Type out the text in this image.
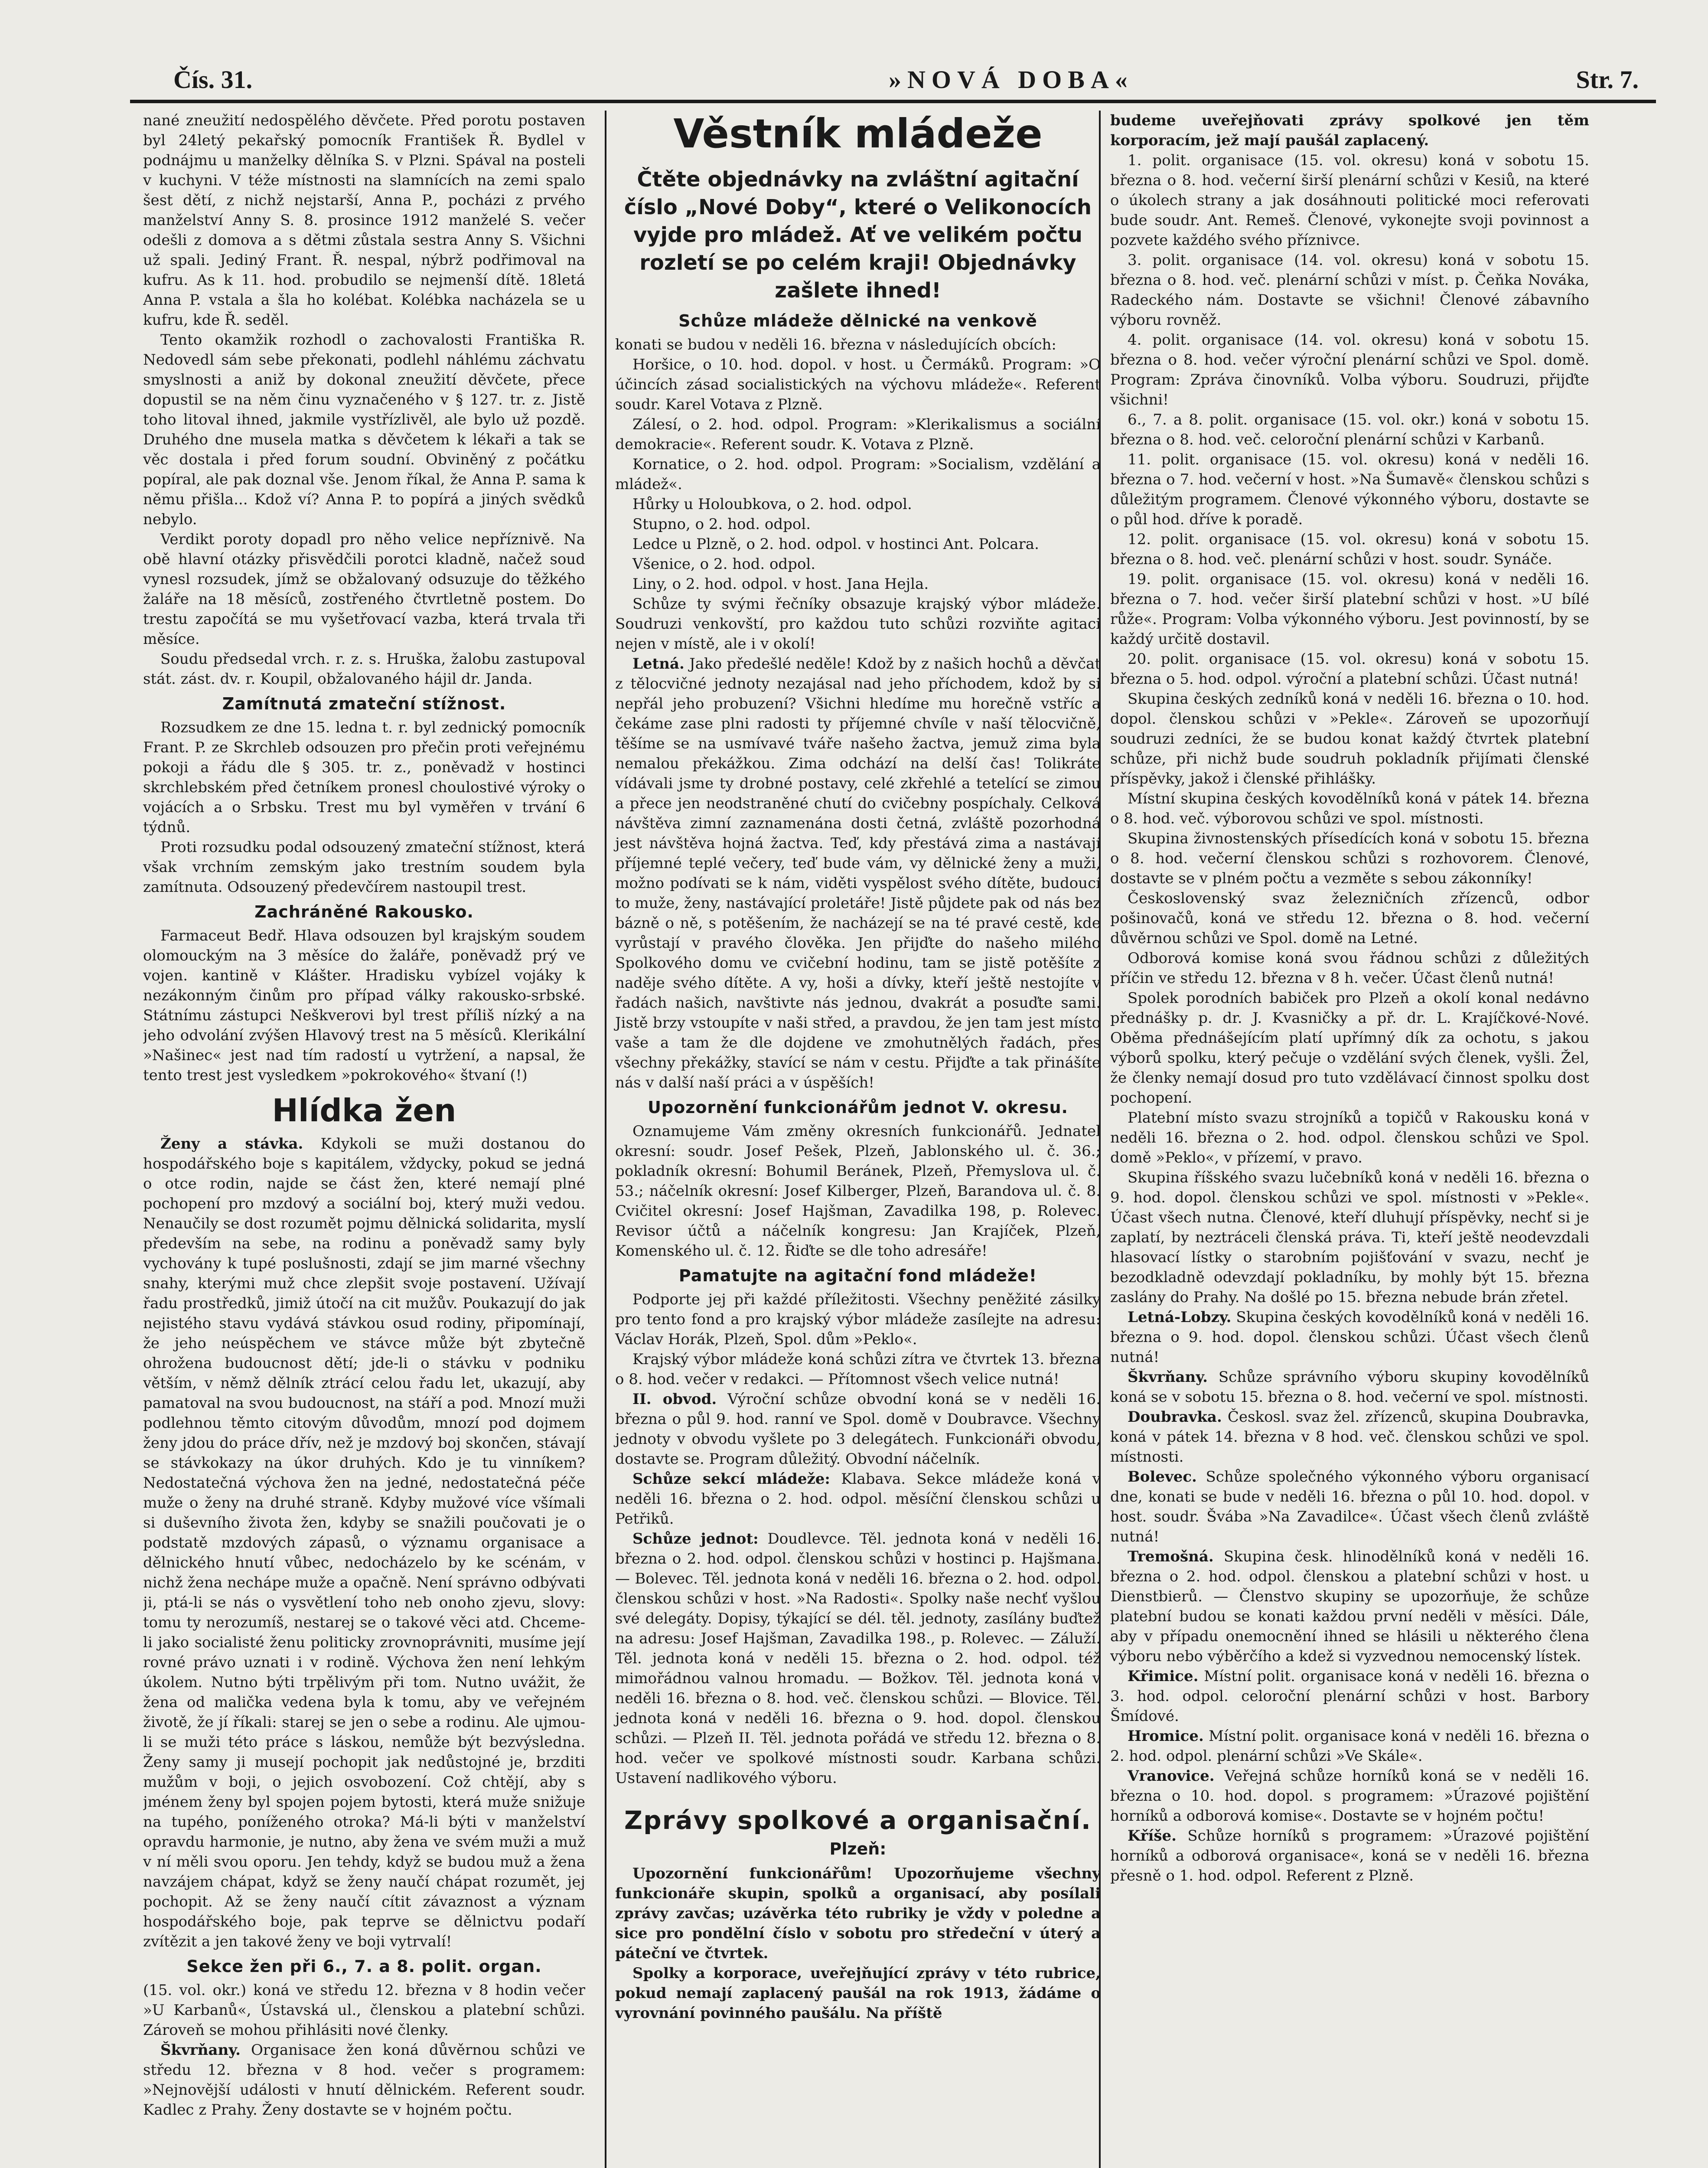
Čís. 31.	»NOVÁ DOBA«	Str. 7.

nané zneužití nedospělého děvčete. Před porotu postaven byl 24letý pekařský pomocník František Ř. Bydlel v podnájmu u manželky dělníka S. v Plzni. Spával na posteli v kuchyni. V téže místnosti na slamnících na zemi spalo šest dětí, z nichž nejstarší, Anna P., pocházi z prvého manželství Anny S. 8. prosince 1912 manželé S. večer odešli z domova a s dětmi zůstala sestra Anny S. Všichni už spali. Jediný Frant. Ř. nespal, nýbrž podřimoval na kufru. As k 11. hod. probudilo se nejmenší dítě. 18letá Anna P. vstala a šla ho kolébat. Kolébka nacházela se u kufru, kde Ř. seděl.

Tento okamžik rozhodl o zachovalosti Františka R. Nedovedl sám sebe překonati, podlehl náhlému záchvatu smyslnosti a aniž by dokonal zneužití děvčete, přece dopustil se na něm činu vyznačeného v § 127. tr. z. Jistě toho litoval ihned, jakmile vystřízlivěl, ale bylo už pozdě. Druhého dne musela matka s děvčetem k lékaři a tak se věc dostala i před forum soudní. Obviněný z počátku popíral, ale pak doznal vše. Jenom říkal, že Anna P. sama k němu přišla... Kdož ví? Anna P. to popírá a jiných svědků nebylo.

Verdikt poroty dopadl pro něho velice nepříznivě. Na obě hlavní otázky přisvědčili porotci kladně, načež soud vynesl rozsudek, jímž se obžalovaný odsuzuje do těžkého žaláře na 18 měsíců, zostřeného čtvrtletně postem. Do trestu započítá se mu vyšetřovací vazba, která trvala tři měsíce.

Soudu předsedal vrch. r. z. s. Hruška, žalobu zastupoval stát. zást. dv. r. Koupil, obžalovaného hájil dr. Janda.

Zamítnutá zmateční stížnost.

Rozsudkem ze dne 15. ledna t. r. byl zednický pomocník Frant. P. ze Skrchleb odsouzen pro přečin proti veřejnému pokoji a řádu dle § 305. tr. z., poněvadž v hostinci skrchlebském před četníkem pronesl choulostivé výroky o vojácích a o Srbsku. Trest mu byl vyměřen v trvání 6 týdnů.

Proti rozsudku podal odsouzený zmateční stížnost, která však vrchním zemským jako trestním soudem byla zamítnuta. Odsouzený předevčírem nastoupil trest.

Zachráněné Rakousko.

Farmaceut Bedř. Hlava odsouzen byl krajským soudem olomouckým na 3 měsíce do žaláře, poněvadž prý ve vojen. kantině v Klášter. Hradisku vybízel vojáky k nezákonným činům pro případ války rakousko-srbské. Státnímu zástupci Neškverovi byl trest příliš nízký a na jeho odvolání zvýšen Hlavový trest na 5 měsíců. Klerikální »Našinec« jest nad tím radostí u vytržení, a napsal, že tento trest jest vysledkem »pokrokového« štvaní (!)

Hlídka žen

Ženy a stávka. Kdykoli se muži dostanou do hospodářského boje s kapitálem, vždycky, pokud se jedná o otce rodin, najde se část žen, které nemají plné pochopení pro mzdový a sociální boj, který muži vedou. Nenaučily se dost rozumět pojmu dělnická solidarita, myslí především na sebe, na rodinu a poněvadž samy byly vychovány k tupé poslušnosti, zdají se jim marné všechny snahy, kterými muž chce zlepšit svoje postavení. Užívají řadu prostředků, jimiž útočí na cit mužův. Poukazují do jak nejistého stavu vydává stávkou osud rodiny, připomínají, že jeho neúspěchem ve stávce může být zbytečně ohrožena budoucnost dětí; jde-li o stávku v podniku větším, v němž dělník ztrácí celou řadu let, ukazují, aby pamatoval na svou budoucnost, na stáří a pod. Mnozí muži podlehnou těmto citovým důvodům, mnozí pod dojmem ženy jdou do práce dřív, než je mzdový boj skončen, stávají se stávkokazy na úkor druhých. Kdo je tu vinníkem? Nedostatečná výchova žen na jedné, nedostatečná péče muže o ženy na druhé straně. Kdyby mužové více všímali si duševního života žen, kdyby se snažili poučovati je o podstatě mzdových zápasů, o významu organisace a dělnického hnutí vůbec, nedocházelo by ke scénám, v nichž žena nechápe muže a opačně. Není správno odbývati ji, ptá-li se nás o vysvětlení toho neb onoho zjevu, slovy: tomu ty nerozumíš, nestarej se o takové věci atd. Chceme-li jako socialisté ženu politicky zrovnoprávniti, musíme její rovné právo uznati i v rodině. Výchova žen není lehkým úkolem. Nutno býti trpělivým při tom. Nutno uvážit, že žena od malička vedena byla k tomu, aby ve veřejném životě, že jí říkali: starej se jen o sebe a rodinu. Ale ujmou-li se muži této práce s láskou, nemůže být bezvýsledna. Ženy samy ji musejí pochopit jak nedůstojné je, brzditi mužům v boji, o jejich osvobození. Což chtějí, aby s jménem ženy byl spojen pojem bytosti, která muže snižuje na tupého, poníženého otroka? Má-li býti v manželství opravdu harmonie, je nutno, aby žena ve svém muži a muž v ní měli svou oporu. Jen tehdy, když se budou muž a žena navzájem chápat, když se ženy naučí chápat rozumět, jej pochopit. Až se ženy naučí cítit závaznost a význam hospodářského boje, pak teprve se dělnictvu podaří zvítězit a jen takové ženy ve boji vytrvalí!

Sekce žen při 6., 7. a 8. polit. organ.

(15. vol. okr.) koná ve středu 12. března v 8 hodin večer »U Karbanů«, Ústavská ul., členskou a platební schůzi. Zároveň se mohou přihlásiti nové členky.

Škvrňany. Organisace žen koná důvěrnou schůzi ve středu 12. března v 8 hod. večer s programem: »Nejnovější události v hnutí dělnickém. Referent soudr. Kadlec z Prahy. Ženy dostavte se v hojném počtu.

Věstník mládeže

Čtěte objednávky na zvláštní agitační číslo „Nové Doby“, které o Velikonocích vyjde pro mládež. Ať ve velikém počtu rozletí se po celém kraji! Objednávky zašlete ihned!

Schůze mládeže dělnické na venkově

konati se budou v neděli 16. března v následujících obcích:

Horšice, o 10. hod. dopol. v host. u Čermáků. Program: »O účincích zásad socialistických na výchovu mládeže«. Referent soudr. Karel Votava z Plzně.

Zálesí, o 2. hod. odpol. Program: »Klerikalismus a sociální demokracie«. Referent soudr. K. Votava z Plzně.

Kornatice, o 2. hod. odpol. Program: »Socialism, vzdělání a mládež«.

Hůrky u Holoubkova, o 2. hod. odpol.

Stupno, o 2. hod. odpol.

Ledce u Plzně, o 2. hod. odpol. v hostinci Ant. Polcara.

Všenice, o 2. hod. odpol.

Liny, o 2. hod. odpol. v host. Jana Hejla.

Schůze ty svými řečníky obsazuje krajský výbor mládeže. Soudruzi venkovští, pro každou tuto schůzi rozviňte agitaci nejen v místě, ale i v okolí!

Letná. Jako předešlé neděle! Kdož by z našich hochů a děvčat z tělocvičné jednoty nezajásal nad jeho příchodem, kdož by si nepřál jeho probuzení? Všichni hledíme mu horečně vstříc a čekáme zase plni radosti ty příjemné chvíle v naší tělocvičně, těšíme se na usmívavé tváře našeho žactva, jemuž zima byla nemalou překážkou. Zima odchází na delší čas! Tolikráte vídávali jsme ty drobné postavy, celé zkřehlé a tetelící se zimou a přece jen neodstraněné chutí do cvičebny pospíchaly. Celková návštěva zimní zaznamenána dosti četná, zvláště pozorhodná jest návštěva hojná žactva. Teď, kdy přestává zima a nastávají příjemné teplé večery, teď bude vám, vy dělnické ženy a muži, možno podívati se k nám, viděti vyspělost svého dítěte, budoucí to muže, ženy, nastávající proletáře! Jistě půjdete pak od nás bez bázně o ně, s potěšením, že nacházejí se na té pravé cestě, kde vyrůstají v pravého člověka. Jen přijďte do našeho milého Spolkového domu ve cvičební hodinu, tam se jistě potěšíte z naděje svého dítěte. A vy, hoši a dívky, kteří ještě nestojíte v řadách našich, navštivte nás jednou, dvakrát a posuďte sami. Jistě brzy vstoupíte v naši střed, a pravdou, že jen tam jest místo vaše a tam že dle dojdene ve zmohutnělých řadách, přes všechny překážky, stavící se nám v cestu. Přijďte a tak přinášíte nás v další naší práci a v úspěších!

Upozornění funkcionářům jednot V. okresu.

Oznamujeme Vám změny okresních funkcionářů. Jednatel okresní: soudr. Josef Pešek, Plzeň, Jablonského ul. č. 36.; pokladník okresní: Bohumil Beránek, Plzeň, Přemyslova ul. č. 53.; náčelník okresní: Josef Kilberger, Plzeň, Barandova ul. č. 8. Cvičitel okresní: Josef Hajšman, Zavadilka 198, p. Rolevec. Revisor účtů a náčelník kongresu: Jan Krajíček, Plzeň, Komenského ul. č. 12. Řiďte se dle toho adresáře!

Pamatujte na agitační fond mládeže!

Podporte jej při každé příležitosti. Všechny peněžité zásilky pro tento fond a pro krajský výbor mládeže zasílejte na adresu: Václav Horák, Plzeň, Spol. dům »Peklo«.

Krajský výbor mládeže koná schůzi zítra ve čtvrtek 13. března o 8. hod. večer v redakci. — Přítomnost všech velice nutná!

II. obvod. Výroční schůze obvodní koná se v neděli 16. března o půl 9. hod. ranní ve Spol. domě v Doubravce. Všechny jednoty v obvodu vyšlete po 3 delegátech. Funkcionáři obvodu, dostavte se. Program důležitý. Obvodní náčelník.

Schůze sekcí mládeže: Klabava. Sekce mládeže koná v neděli 16. března o 2. hod. odpol. měsíční členskou schůzi u Petřiků.

Schůze jednot: Doudlevce. Těl. jednota koná v neděli 16. března o 2. hod. odpol. členskou schůzi v hostinci p. Hajšmana. — Bolevec. Těl. jednota koná v neděli 16. března o 2. hod. odpol. členskou schůzi v host. »Na Radosti«. Spolky naše nechť vyšlou své delegáty. Dopisy, týkající se dél. těl. jednoty, zasílány buďtež na adresu: Josef Hajšman, Zavadilka 198., p. Rolevec. — Záluží. Těl. jednota koná v neděli 15. března o 2. hod. odpol. též mimořádnou valnou hromadu. — Božkov. Těl. jednota koná v neděli 16. března o 8. hod. več. členskou schůzi. — Blovice. Těl. jednota koná v neděli 16. března o 9. hod. dopol. členskou schůzi. — Plzeň II. Těl. jednota pořádá ve středu 12. března o 8. hod. večer ve spolkové místnosti soudr. Karbana schůzi. Ustavení nadlikového výboru.

Zprávy spolkové a organisační.
Plzeň:

Upozornění funkcionářům! Upozorňujeme všechny funkcionáře skupin, spolků a organisací, aby posílali zprávy zavčas; uzávěrka této rubriky je vždy v poledne a sice pro pondělní číslo v sobotu pro středeční v úterý a páteční ve čtvrtek.

Spolky a korporace, uveřejňující zprávy v této rubrice, pokud nemají zaplacený paušál na rok 1913, žádáme o vyrovnání povinného paušálu. Na příště

budeme uveřejňovati zprávy spolkové jen těm korporacím, jež mají paušál zaplacený.

1. polit. organisace (15. vol. okresu) koná v sobotu 15. března o 8. hod. večerní širší plenární schůzi v Kesiů, na které o úkolech strany a jak dosáhnouti politické moci referovati bude soudr. Ant. Remeš. Členové, vykonejte svoji povinnost a pozvete každého svého příznivce.

3. polit. organisace (14. vol. okresu) koná v sobotu 15. března o 8. hod. več. plenární schůzi v míst. p. Čeňka Nováka, Radeckého nám. Dostavte se všichni! Členové zábavního výboru rovněž.

4. polit. organisace (14. vol. okresu) koná v sobotu 15. března o 8. hod. večer výroční plenární schůzi ve Spol. domě. Program: Zpráva činovníků. Volba výboru. Soudruzi, přijďte všichni!

6., 7. a 8. polit. organisace (15. vol. okr.) koná v sobotu 15. března o 8. hod. več. celoroční plenární schůzi v Karbanů.

11. polit. organisace (15. vol. okresu) koná v neděli 16. března o 7. hod. večerní v host. »Na Šumavě« členskou schůzi s důležitým programem. Členové výkonného výboru, dostavte se o půl hod. dříve k poradě.

12. polit. organisace (15. vol. okresu) koná v sobotu 15. března o 8. hod. več. plenární schůzi v host. soudr. Synáče.

19. polit. organisace (15. vol. okresu) koná v neděli 16. března o 7. hod. večer širší platební schůzi v host. »U bílé růže«. Program: Volba výkonného výboru. Jest povinností, by se každý určitě dostavil.

20. polit. organisace (15. vol. okresu) koná v sobotu 15. března o 5. hod. odpol. výroční a platební schůzi. Účast nutná!

Skupina českých zedníků koná v neděli 16. března o 10. hod. dopol. členskou schůzi v »Pekle«. Zároveň se upozorňují soudruzi zedníci, že se budou konat každý čtvrtek platební schůze, při nichž bude soudruh pokladník přijímati členské příspěvky, jakož i členské přihlášky.

Místní skupina českých kovodělníků koná v pátek 14. března o 8. hod. več. výborovou schůzi ve spol. místnosti.

Skupina živnostenských přísedících koná v sobotu 15. března o 8. hod. večerní členskou schůzi s rozhovorem. Členové, dostavte se v plném počtu a vezměte s sebou zákonníky!

Československý svaz železničních zřízenců, odbor pošinovačů, koná ve středu 12. března o 8. hod. večerní důvěrnou schůzi ve Spol. domě na Letné.

Odborová komise koná svou řádnou schůzi z důležitých příčin ve středu 12. března v 8 h. večer. Účast členů nutná!

Spolek porodních babiček pro Plzeň a okolí konal nedávno přednášky p. dr. J. Kvasničky a př. dr. L. Krajíčkové-Nové. Oběma přednášejícím platí upřímný dík za ochotu, s jakou výborů spolku, který pečuje o vzdělání svých členek, vyšli. Žel, že členky nemají dosud pro tuto vzdělávací činnost spolku dost pochopení.

Platební místo svazu strojníků a topičů v Rakousku koná v neděli 16. března o 2. hod. odpol. členskou schůzi ve Spol. domě »Peklo«, v přízemí, v pravo.

Skupina říšského svazu lučebníků koná v neděli 16. března o 9. hod. dopol. členskou schůzi ve spol. místnosti v »Pekle«. Účast všech nutna. Členové, kteří dluhují příspěvky, nechť si je zaplatí, by neztráceli členská práva. Ti, kteří ještě neodevzdali hlasovací lístky o starobním pojišťování v svazu, nechť je bezodkladně odevzdají pokladníku, by mohly být 15. března zaslány do Prahy. Na došlé po 15. března nebude brán zřetel.

Letná-Lobzy. Skupina českých kovodělníků koná v neděli 16. března o 9. hod. dopol. členskou schůzi. Účast všech členů nutná!

Škvrňany. Schůze správního výboru skupiny kovodělníků koná se v sobotu 15. března o 8. hod. večerní ve spol. místnosti.

Doubravka. Českosl. svaz žel. zřízenců, skupina Doubravka, koná v pátek 14. března v 8 hod. več. členskou schůzi ve spol. místnosti.

Bolevec. Schůze společného výkonného výboru organisací dne, konati se bude v neděli 16. března o půl 10. hod. dopol. v host. soudr. Švába »Na Zavadilce«. Účast všech členů zvláště nutná!

Tremošná. Skupina česk. hlinodělníků koná v neděli 16. března o 2. hod. odpol. členskou a platební schůzi v host. u Dienstbierů. — Členstvo skupiny se upozorňuje, že schůze platební budou se konati každou první neděli v měsíci. Dále, aby v případu onemocnění ihned se hlásili u některého člena výboru nebo výběrčího a kdež si vyzvednou nemocenský lístek.

Křimice. Místní polit. organisace koná v neděli 16. března o 3. hod. odpol. celoroční plenární schůzi v host. Barbory Šmídové.

Hromice. Místní polit. organisace koná v neděli 16. března o 2. hod. odpol. plenární schůzi »Ve Skále«.

Vranovice. Veřejná schůze horníků koná se v neděli 16. března o 10. hod. dopol. s programem: »Úrazové pojištění horníků a odborová komise«. Dostavte se v hojném počtu!

Kříše. Schůze horníků s programem: »Úrazové pojištění horníků a odborová organisace«, koná se v neděli 16. března přesně o 1. hod. odpol. Referent z Plzně.
